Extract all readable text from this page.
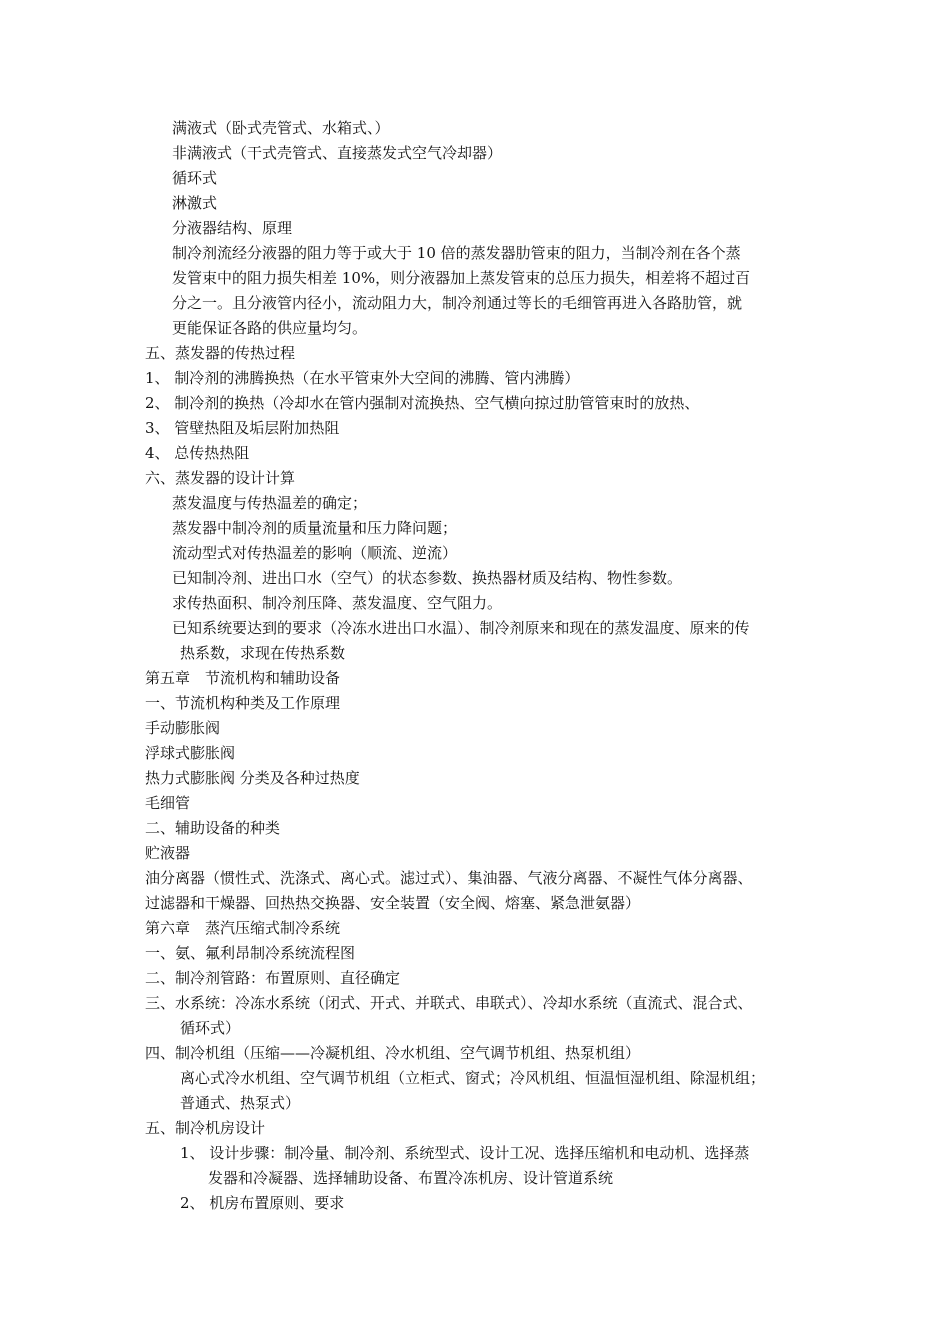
满液式（卧式壳管式、水箱式、）
非满液式（干式壳管式、直接蒸发式空气冷却器）
循环式
淋激式
分液器结构、原理
制冷剂流经分液器的阻力等于或大于 10 倍的蒸发器肋管束的阻力，当制冷剂在各个蒸
发管束中的阻力损失相差 10%，则分液器加上蒸发管束的总压力损失，相差将不超过百
分之一。且分液管内径小，流动阻力大，制冷剂通过等长的毛细管再进入各路肋管，就
更能保证各路的供应量均匀。
五、蒸发器的传热过程
1、 制冷剂的沸腾换热（在水平管束外大空间的沸腾、管内沸腾）
2、 制冷剂的换热（冷却水在管内强制对流换热、空气横向掠过肋管管束时的放热、
3、 管壁热阻及垢层附加热阻
4、 总传热热阻
六、蒸发器的设计计算
蒸发温度与传热温差的确定；
蒸发器中制冷剂的质量流量和压力降问题；
流动型式对传热温差的影响（顺流、逆流）
已知制冷剂、进出口水（空气）的状态参数、换热器材质及结构、物性参数。
求传热面积、制冷剂压降、蒸发温度、空气阻力。
已知系统要达到的要求（冷冻水进出口水温）、制冷剂原来和现在的蒸发温度、原来的传
热系数，求现在传热系数
第五章　节流机构和辅助设备
一、节流机构种类及工作原理
手动膨胀阀
浮球式膨胀阀
热力式膨胀阀 分类及各种过热度
毛细管
二、辅助设备的种类
贮液器
油分离器（惯性式、洗涤式、离心式。滤过式）、集油器、气液分离器、不凝性气体分离器、
过滤器和干燥器、回热热交换器、安全装置（安全阀、熔塞、紧急泄氨器）
第六章　蒸汽压缩式制冷系统
一、氨、氟利昂制冷系统流程图
二、制冷剂管路：布置原则、直径确定
三、水系统：冷冻水系统（闭式、开式、并联式、串联式）、冷却水系统（直流式、混合式、
循环式）
四、制冷机组（压缩——冷凝机组、冷水机组、空气调节机组、热泵机组）
离心式冷水机组、空气调节机组（立柜式、窗式；冷风机组、恒温恒湿机组、除湿机组；
普通式、热泵式）
五、制冷机房设计
1、 设计步骤：制冷量、制冷剂、系统型式、设计工况、选择压缩机和电动机、选择蒸
发器和冷凝器、选择辅助设备、布置冷冻机房、设计管道系统
2、 机房布置原则、要求
